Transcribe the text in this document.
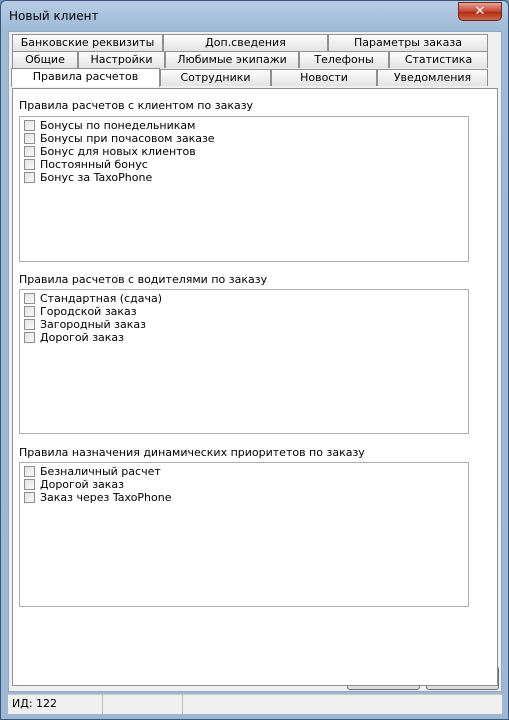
Новый клиент	✕
Банковские реквизиты	Доп.сведения	Параметры заказа
Общие	Настройки	Любимые экипажи	Телефоны	Статистика
Правила расчетов	Сотрудники	Новости	Уведомления
Правила расчетов с клиентом по заказу
Бонусы по понедельникам
Бонусы при почасовом заказе
Бонус для новых клиентов
Постоянный бонус
Бонус за TaxoPhone
Правила расчетов с водителями по заказу
Стандартная (сдача)
Городской заказ
Загородный заказ
Дорогой заказ
Правила назначения динамических приоритетов по заказу
Безналичный расчет
Дорогой заказ
Заказ через TaxoPhone
ИД: 122
